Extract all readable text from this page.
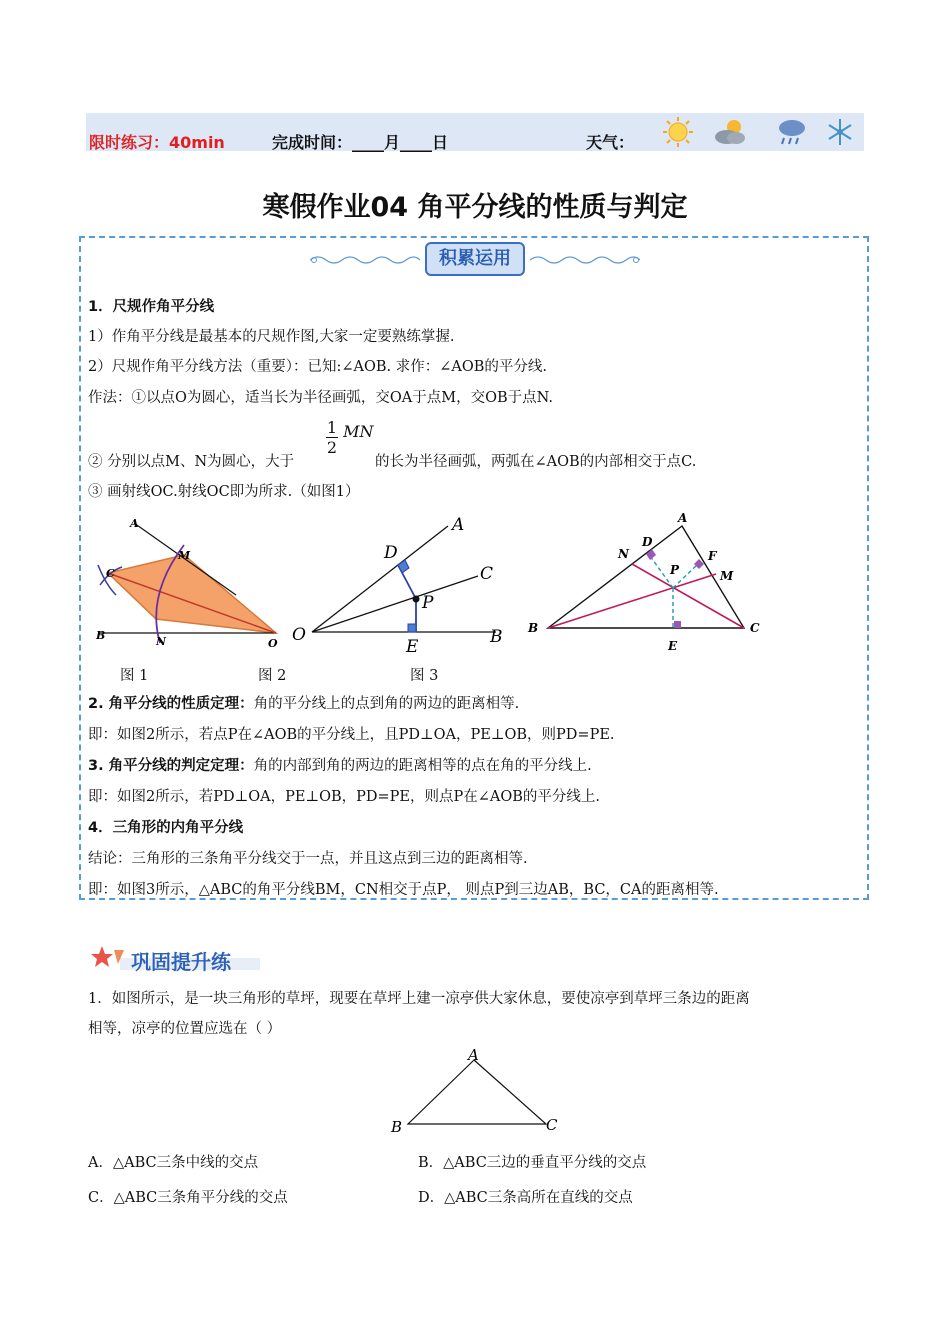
限时练习：40min	完成时间：____月____日	天气：
寒假作业04 角平分线的性质与判定
积累运用
1．尺规作角平分线
1）作角平分线是最基本的尺规作图,大家一定要熟练掌握.
2）尺规作角平分线方法（重要）：已知:∠AOB. 求作：∠AOB的平分线.
作法：①以点O为圆心，适当长为半径画弧，交OA于点M，交OB于点N.
$\frac{1}{2}$ MN
② 分别以点M、N为圆心，大于	的长为半径画弧，两弧在∠AOB的内部相交于点C.
③ 画射线OC.射线OC即为所求.（如图1）
A
M
C
B	N	O
D
A
C
P
O
E	B
A
D
N	F
P	M
B
E
C
图 1	图 2	图 3
2. 角平分线的性质定理：角的平分线上的点到角的两边的距离相等.
即：如图2所示，若点P在∠AOB的平分线上，且PD⊥OA，PE⊥OB，则PD=PE.
3. 角平分线的判定定理：角的内部到角的两边的距离相等的点在角的平分线上.
即：如图2所示，若PD⊥OA，PE⊥OB，PD=PE，则点P在∠AOB的平分线上.
4．三角形的内角平分线
结论：三角形的三条角平分线交于一点，并且这点到三边的距离相等.
即：如图3所示，△ABC的角平分线BM，CN相交于点P， 则点P到三边AB，BC，CA的距离相等.
巩固提升练
1．如图所示，是一块三角形的草坪，现要在草坪上建一凉亭供大家休息，要使凉亭到草坪三条边的距离
相等，凉亭的位置应选在（ ）
A
B	C
A．△ABC三条中线的交点	B．△ABC三边的垂直平分线的交点
C．△ABC三条角平分线的交点	D．△ABC三条高所在直线的交点
